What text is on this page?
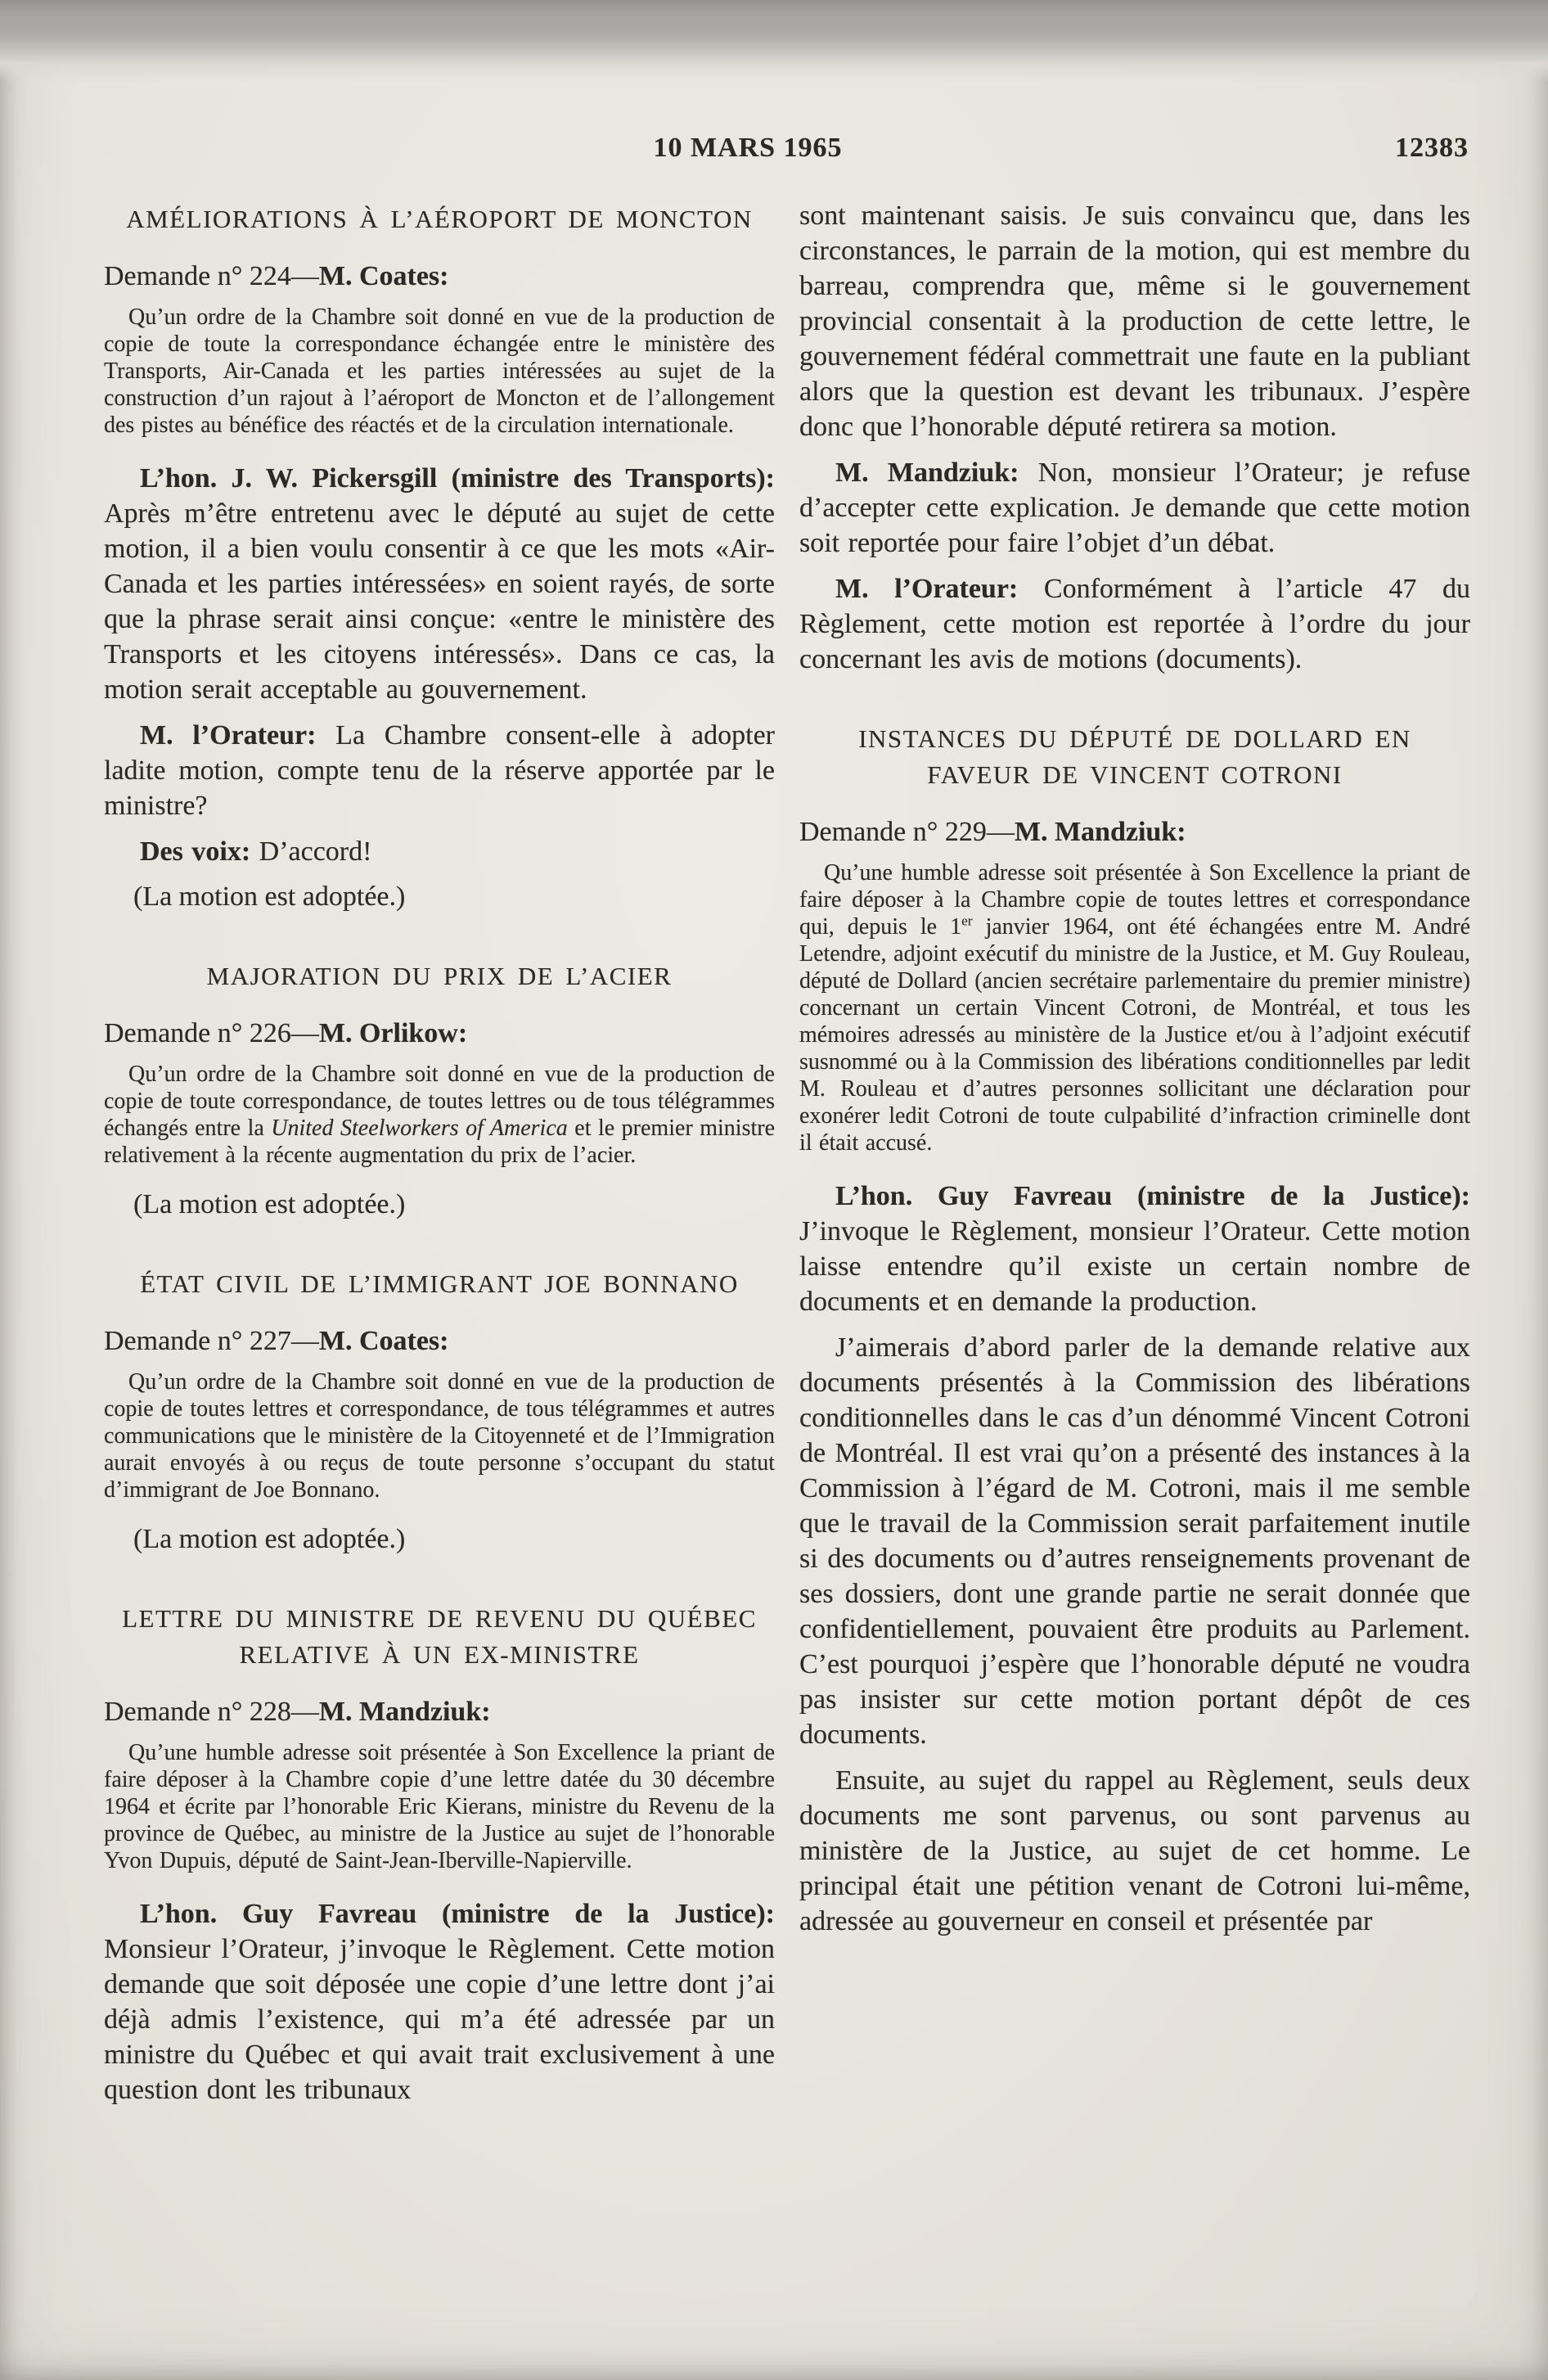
10 MARS 1965	12383

AMÉLIORATIONS À L’AÉROPORT DE MONCTON

Demande n° 224—M. Coates:

Qu’un ordre de la Chambre soit donné en vue de la production de copie de toute la correspondance échangée entre le ministère des Transports, Air-Canada et les parties intéressées au sujet de la construction d’un rajout à l’aéroport de Moncton et de l’allongement des pistes au bénéfice des réactés et de la circulation internationale.

L’hon. J. W. Pickersgill (ministre des Transports): Après m’être entretenu avec le député au sujet de cette motion, il a bien voulu consentir à ce que les mots «Air-Canada et les parties intéressées» en soient rayés, de sorte que la phrase serait ainsi conçue: «entre le ministère des Transports et les citoyens intéressés». Dans ce cas, la motion serait acceptable au gouvernement.

M. l’Orateur: La Chambre consent-elle à adopter ladite motion, compte tenu de la réserve apportée par le ministre?

Des voix: D’accord!

(La motion est adoptée.)

MAJORATION DU PRIX DE L’ACIER

Demande n° 226—M. Orlikow:

Qu’un ordre de la Chambre soit donné en vue de la production de copie de toute correspondance, de toutes lettres ou de tous télégrammes échangés entre la United Steelworkers of America et le premier ministre relativement à la récente augmentation du prix de l’acier.

(La motion est adoptée.)

ÉTAT CIVIL DE L’IMMIGRANT JOE BONNANO

Demande n° 227—M. Coates:

Qu’un ordre de la Chambre soit donné en vue de la production de copie de toutes lettres et correspondance, de tous télégrammes et autres communications que le ministère de la Citoyenneté et de l’Immigration aurait envoyés à ou reçus de toute personne s’occupant du statut d’immigrant de Joe Bonnano.

(La motion est adoptée.)

LETTRE DU MINISTRE DE REVENU DU QUÉBEC
RELATIVE À UN EX-MINISTRE

Demande n° 228—M. Mandziuk:

Qu’une humble adresse soit présentée à Son Excellence la priant de faire déposer à la Chambre copie d’une lettre datée du 30 décembre 1964 et écrite par l’honorable Eric Kierans, ministre du Revenu de la province de Québec, au ministre de la Justice au sujet de l’honorable Yvon Dupuis, député de Saint-Jean-Iberville-Napierville.

L’hon. Guy Favreau (ministre de la Justice): Monsieur l’Orateur, j’invoque le Règlement. Cette motion demande que soit déposée une copie d’une lettre dont j’ai déjà admis l’existence, qui m’a été adressée par un ministre du Québec et qui avait trait exclusivement à une question dont les tribunaux

sont maintenant saisis. Je suis convaincu que, dans les circonstances, le parrain de la motion, qui est membre du barreau, comprendra que, même si le gouvernement provincial consentait à la production de cette lettre, le gouvernement fédéral commettrait une faute en la publiant alors que la question est devant les tribunaux. J’espère donc que l’honorable député retirera sa motion.

M. Mandziuk: Non, monsieur l’Orateur; je refuse d’accepter cette explication. Je demande que cette motion soit reportée pour faire l’objet d’un débat.

M. l’Orateur: Conformément à l’article 47 du Règlement, cette motion est reportée à l’ordre du jour concernant les avis de motions (documents).

INSTANCES DU DÉPUTÉ DE DOLLARD EN
FAVEUR DE VINCENT COTRONI

Demande n° 229—M. Mandziuk:

Qu’une humble adresse soit présentée à Son Excellence la priant de faire déposer à la Chambre copie de toutes lettres et correspondance qui, depuis le 1er janvier 1964, ont été échangées entre M. André Letendre, adjoint exécutif du ministre de la Justice, et M. Guy Rouleau, député de Dollard (ancien secrétaire parlementaire du premier ministre) concernant un certain Vincent Cotroni, de Montréal, et tous les mémoires adressés au ministère de la Justice et/ou à l’adjoint exécutif susnommé ou à la Commission des libérations conditionnelles par ledit M. Rouleau et d’autres personnes sollicitant une déclaration pour exonérer ledit Cotroni de toute culpabilité d’infraction criminelle dont il était accusé.

L’hon. Guy Favreau (ministre de la Justice): J’invoque le Règlement, monsieur l’Orateur. Cette motion laisse entendre qu’il existe un certain nombre de documents et en demande la production.

J’aimerais d’abord parler de la demande relative aux documents présentés à la Commission des libérations conditionnelles dans le cas d’un dénommé Vincent Cotroni de Montréal. Il est vrai qu’on a présenté des instances à la Commission à l’égard de M. Cotroni, mais il me semble que le travail de la Commission serait parfaitement inutile si des documents ou d’autres renseignements provenant de ses dossiers, dont une grande partie ne serait donnée que confidentiellement, pouvaient être produits au Parlement. C’est pourquoi j’espère que l’honorable député ne voudra pas insister sur cette motion portant dépôt de ces documents.

Ensuite, au sujet du rappel au Règlement, seuls deux documents me sont parvenus, ou sont parvenus au ministère de la Justice, au sujet de cet homme. Le principal était une pétition venant de Cotroni lui-même, adressée au gouverneur en conseil et présentée par
